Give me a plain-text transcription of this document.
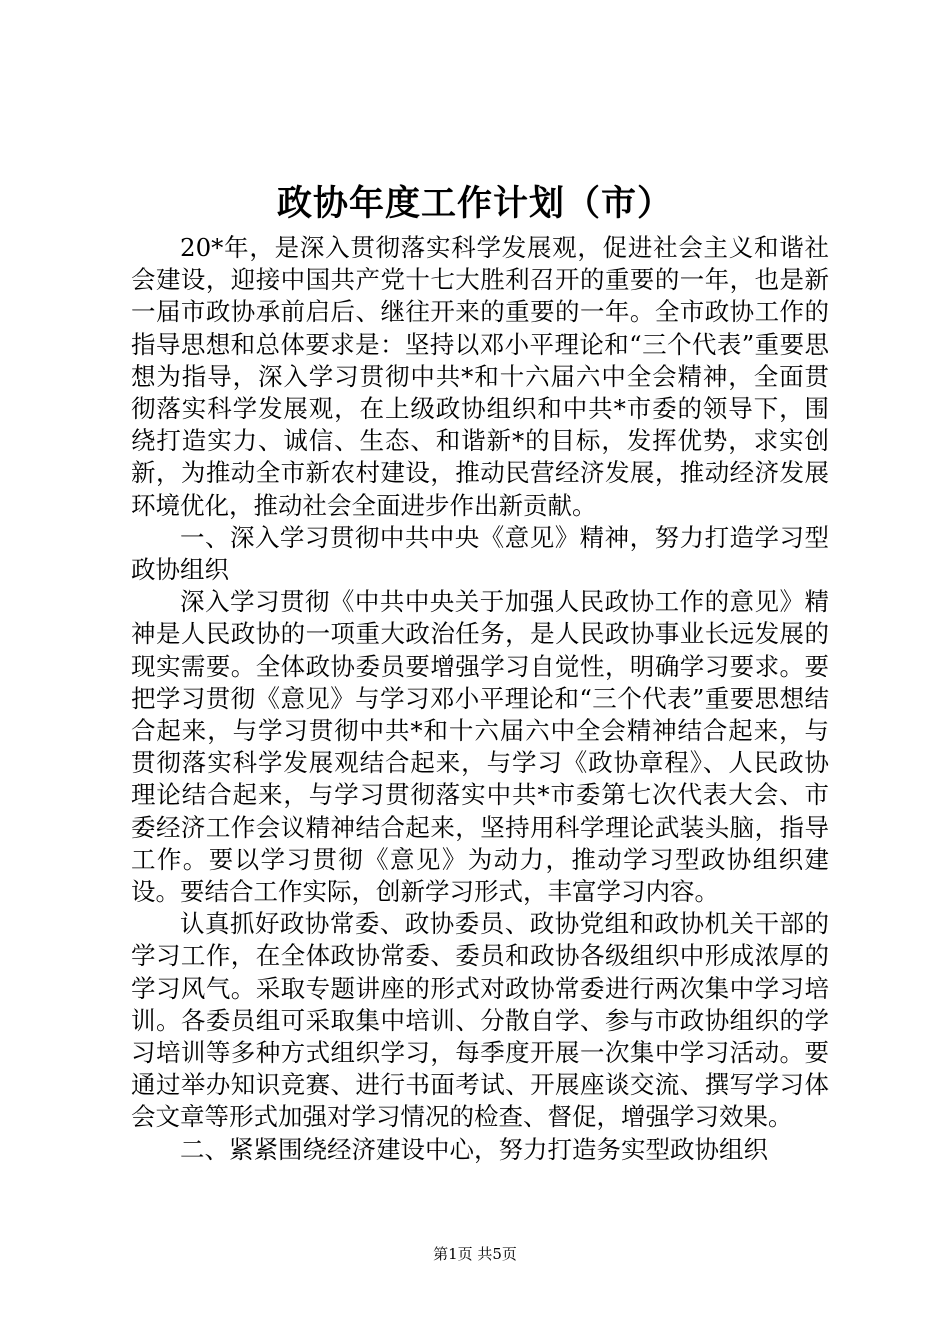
政协年度工作计划（市）

20*年，是深入贯彻落实科学发展观，促进社会主义和谐社会建设，迎接中国共产党十七大胜利召开的重要的一年，也是新一届市政协承前启后、继往开来的重要的一年。全市政协工作的指导思想和总体要求是：坚持以邓小平理论和“三个代表”重要思想为指导，深入学习贯彻中共*和十六届六中全会精神，全面贯彻落实科学发展观，在上级政协组织和中共*市委的领导下，围绕打造实力、诚信、生态、和谐新*的目标，发挥优势，求实创新，为推动全市新农村建设，推动民营经济发展，推动经济发展环境优化，推动社会全面进步作出新贡献。

一、深入学习贯彻中共中央《意见》精神，努力打造学习型政协组织

深入学习贯彻《中共中央关于加强人民政协工作的意见》精神是人民政协的一项重大政治任务，是人民政协事业长远发展的现实需要。全体政协委员要增强学习自觉性，明确学习要求。要把学习贯彻《意见》与学习邓小平理论和“三个代表”重要思想结合起来，与学习贯彻中共*和十六届六中全会精神结合起来，与贯彻落实科学发展观结合起来，与学习《政协章程》、人民政协理论结合起来，与学习贯彻落实中共*市委第七次代表大会、市委经济工作会议精神结合起来，坚持用科学理论武装头脑，指导工作。要以学习贯彻《意见》为动力，推动学习型政协组织建设。要结合工作实际，创新学习形式，丰富学习内容。

认真抓好政协常委、政协委员、政协党组和政协机关干部的学习工作，在全体政协常委、委员和政协各级组织中形成浓厚的学习风气。采取专题讲座的形式对政协常委进行两次集中学习培训。各委员组可采取集中培训、分散自学、参与市政协组织的学习培训等多种方式组织学习，每季度开展一次集中学习活动。要通过举办知识竞赛、进行书面考试、开展座谈交流、撰写学习体会文章等形式加强对学习情况的检查、督促，增强学习效果。

二、紧紧围绕经济建设中心，努力打造务实型政协组织

第1页 共5页
